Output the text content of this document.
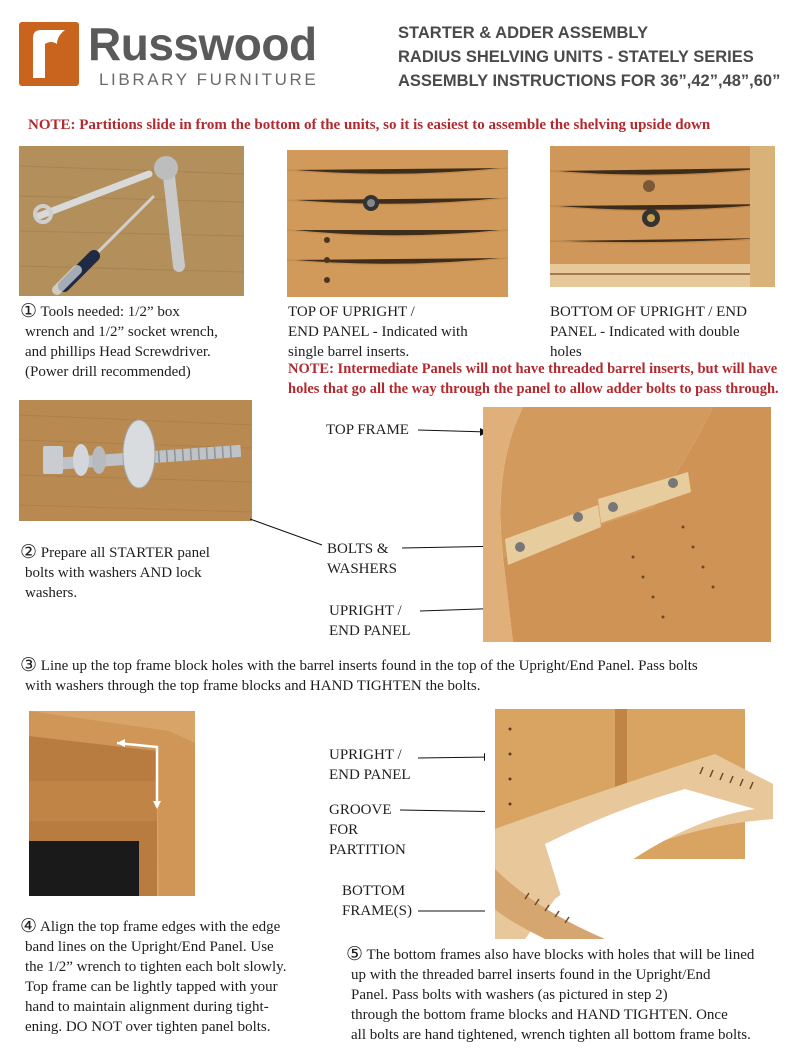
Russwood
LIBRARY FURNITURE
STARTER & ADDER ASSEMBLY
RADIUS SHELVING UNITS - STATELY SERIES
ASSEMBLY INSTRUCTIONS FOR 36”,42”,48”,60”
NOTE: Partitions slide in from the bottom of the units, so it is easiest to assemble the shelving upside down
① Tools needed: 1/2” box
wrench and 1/2” socket wrench,
and phillips Head Screwdriver.
(Power drill recommended)
TOP OF UPRIGHT /
END PANEL - Indicated with
single barrel inserts.
BOTTOM OF UPRIGHT / END
PANEL - Indicated with double
holes
NOTE: Intermediate Panels will not have threaded barrel inserts, but will have
holes that go all the way through the panel to allow adder bolts to pass through.
② Prepare all STARTER panel
bolts with washers AND lock
washers.
TOP FRAME
BOLTS &
WASHERS
UPRIGHT /
END PANEL
③ Line up the top frame block holes with the barrel inserts found in the top of the Upright/End Panel. Pass bolts
with washers through the top frame blocks and HAND TIGHTEN the bolts.
④ Align the top frame edges with the edge
band lines on the Upright/End Panel. Use
the 1/2” wrench to tighten each bolt slowly.
Top frame can be lightly tapped with your
hand to maintain alignment during tight-
ening. DO NOT over tighten panel bolts.
UPRIGHT /
END PANEL
GROOVE
FOR
PARTITION
BOTTOM
FRAME(S)
⑤ The bottom frames also have blocks with holes that will be lined
up with the threaded barrel inserts found in the Upright/End
Panel. Pass bolts with washers (as pictured in step 2)
through the bottom frame blocks and HAND TIGHTEN. Once
all bolts are hand tightened, wrench tighten all bottom frame bolts.
